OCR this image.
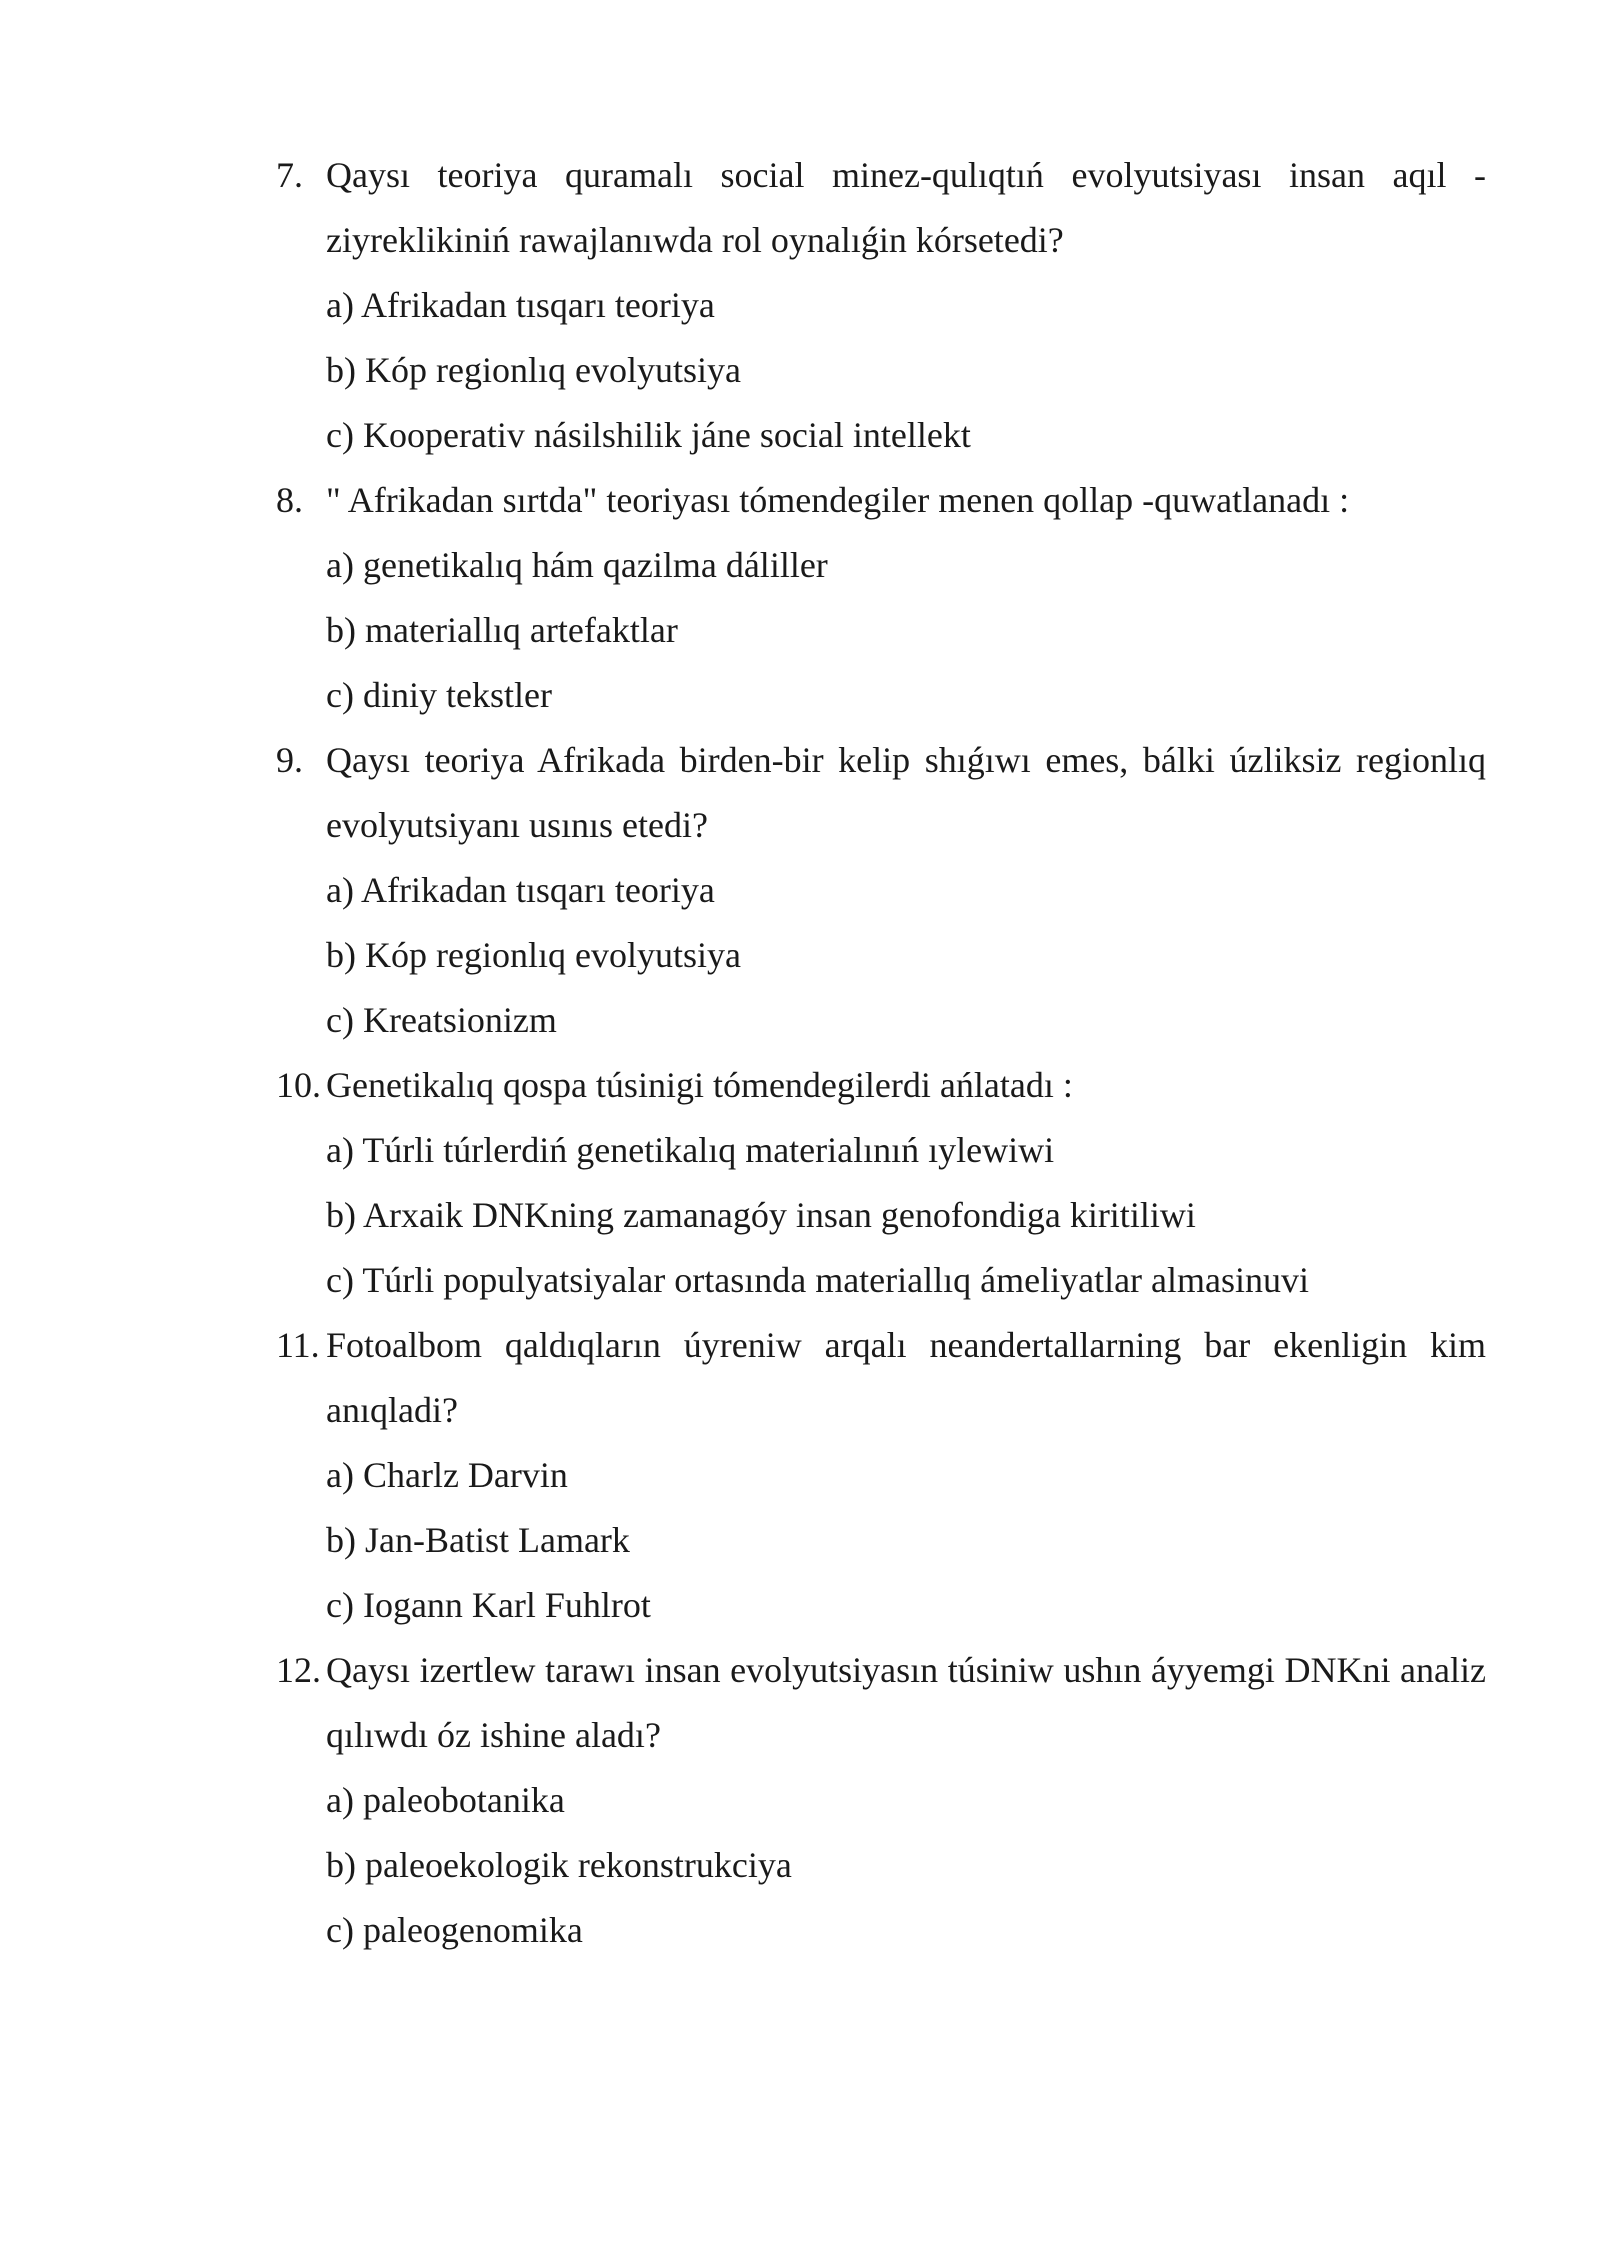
7. Qaysı teoriya quramalı social minez-qulıqtıń evolyutsiyası insan aqıl -ziyreklikiniń rawajlanıwda rol oynalıǵin kórsetedi?
a) Afrikadan tısqarı teoriya
b) Kóp regionlıq evolyutsiya
c) Kooperativ násilshilik jáne social intellekt
8. " Afrikadan sırtda" teoriyası tómendegiler menen qollap -quwatlanadı :
a) genetikalıq hám qazilma dáliller
b) materiallıq artefaktlar
c) diniy tekstler
9. Qaysı teoriya Afrikada birden-bir kelip shıǵıwı emes, bálki úzliksiz regionlıq evolyutsiyanı usınıs etedi?
a) Afrikadan tısqarı teoriya
b) Kóp regionlıq evolyutsiya
c) Kreatsionizm
10. Genetikalıq qospa túsinigi tómendegilerdi ańlatadı :
a) Túrli túrlerdiń genetikalıq materialınıń ıylewiwi
b) Arxaik DNKning zamanagóy insan genofondiga kiritiliwi
c) Túrli populyatsiyalar ortasında materiallıq ámeliyatlar almasinuvi
11. Fotoalbom qaldıqların úyreniw arqalı neandertallarning bar ekenligin kim anıqladi?
a) Charlz Darvin
b) Jan-Batist Lamark
c) Iogann Karl Fuhlrot
12. Qaysı izertlew tarawı insan evolyutsiyasın túsiniw ushın áyyemgi DNKni analiz qılıwdı óz ishine aladı?
a) paleobotanika
b) paleoekologik rekonstrukciya
c) paleogenomika
